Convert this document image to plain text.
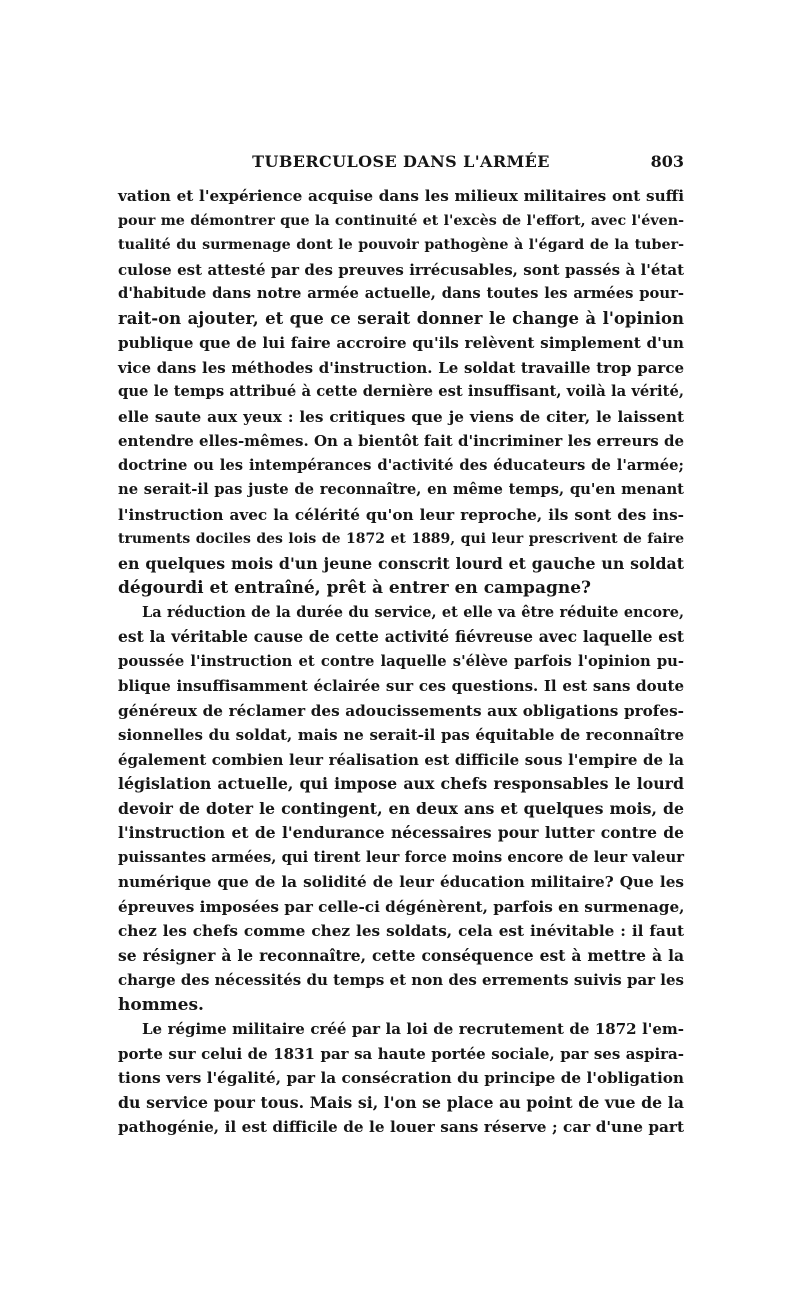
TUBERCULOSE DANS L'ARMÉE	803
vation et l'expérience acquise dans les milieux militaires ont suffi
pour me démontrer que la continuité et l'excès de l'effort, avec l'éven-
tualité du surmenage dont le pouvoir pathogène à l'égard de la tuber-
culose est attesté par des preuves irrécusables, sont passés à l'état
d'habitude dans notre armée actuelle, dans toutes les armées pour-
rait-on ajouter, et que ce serait donner le change à l'opinion
publique que de lui faire accroire qu'ils relèvent simplement d'un
vice dans les méthodes d'instruction. Le soldat travaille trop parce
que le temps attribué à cette dernière est insuffisant, voilà la vérité,
elle saute aux yeux : les critiques que je viens de citer, le laissent
entendre elles-mêmes. On a bientôt fait d'incriminer les erreurs de
doctrine ou les intempérances d'activité des éducateurs de l'armée;
ne serait-il pas juste de reconnaître, en même temps, qu'en menant
l'instruction avec la célérité qu'on leur reproche, ils sont des ins-
truments dociles des lois de 1872 et 1889, qui leur prescrivent de faire
en quelques mois d'un jeune conscrit lourd et gauche un soldat
dégourdi et entraîné, prêt à entrer en campagne?
La réduction de la durée du service, et elle va être réduite encore,
est la véritable cause de cette activité fiévreuse avec laquelle est
poussée l'instruction et contre laquelle s'élève parfois l'opinion pu-
blique insuffisamment éclairée sur ces questions. Il est sans doute
généreux de réclamer des adoucissements aux obligations profes-
sionnelles du soldat, mais ne serait-il pas équitable de reconnaître
également combien leur réalisation est difficile sous l'empire de la
législation actuelle, qui impose aux chefs responsables le lourd
devoir de doter le contingent, en deux ans et quelques mois, de
l'instruction et de l'endurance nécessaires pour lutter contre de
puissantes armées, qui tirent leur force moins encore de leur valeur
numérique que de la solidité de leur éducation militaire? Que les
épreuves imposées par celle-ci dégénèrent, parfois en surmenage,
chez les chefs comme chez les soldats, cela est inévitable : il faut
se résigner à le reconnaître, cette conséquence est à mettre à la
charge des nécessités du temps et non des errements suivis par les
hommes.
Le régime militaire créé par la loi de recrutement de 1872 l'em-
porte sur celui de 1831 par sa haute portée sociale, par ses aspira-
tions vers l'égalité, par la consécration du principe de l'obligation
du service pour tous. Mais si, l'on se place au point de vue de la
pathogénie, il est difficile de le louer sans réserve ; car d'une part
